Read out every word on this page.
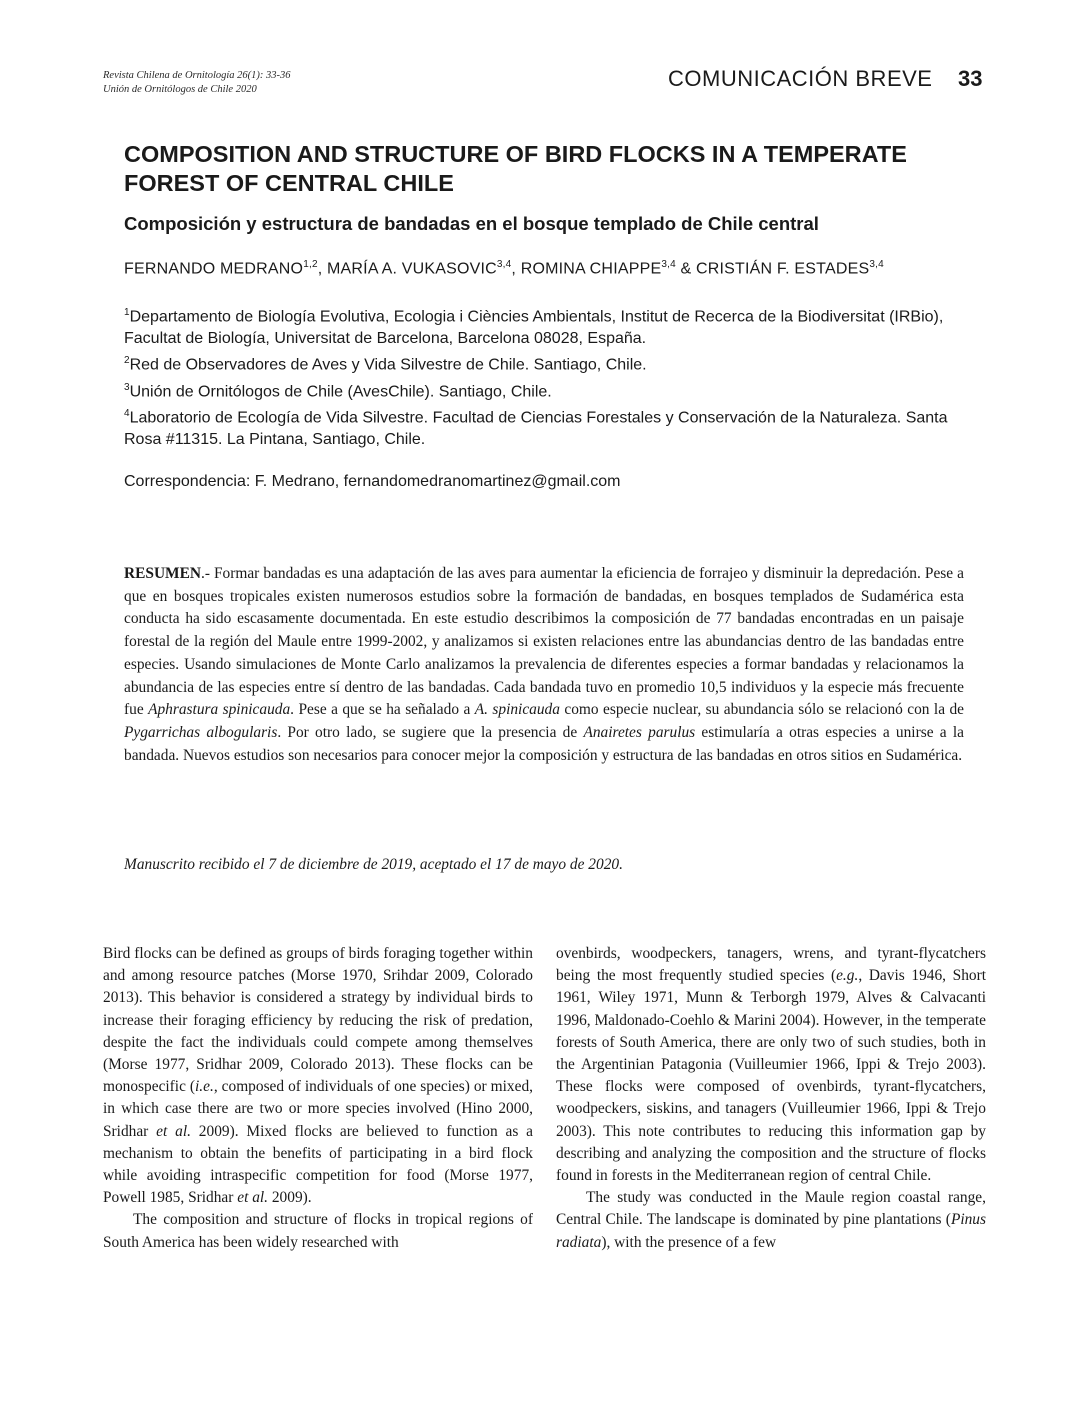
Revista Chilena de Ornitología 26(1): 33-36
Unión de Ornitólogos de Chile 2020	COMUNICACIÓN BREVE 33
COMPOSITION AND STRUCTURE OF BIRD FLOCKS IN A TEMPERATE FOREST OF CENTRAL CHILE
Composición y estructura de bandadas en el bosque templado de Chile central
FERNANDO MEDRANO$^{1,2}$, MARÍA A. VUKASOVIC$^{3,4}$, ROMINA CHIAPPE$^{3,4}$ & CRISTIÁN F. ESTADES$^{3,4}$

$^1$Departamento de Biología Evolutiva, Ecologia i Ciències Ambientals, Institut de Recerca de la Biodiversitat (IRBio), Facultat de Biología, Universitat de Barcelona, Barcelona 08028, España.

$^2$Red de Observadores de Aves y Vida Silvestre de Chile. Santiago, Chile.

$^3$Unión de Ornitólogos de Chile (AvesChile). Santiago, Chile.

$^4$Laboratorio de Ecología de Vida Silvestre. Facultad de Ciencias Forestales y Conservación de la Naturaleza. Santa Rosa #11315. La Pintana, Santiago, Chile.

Correspondencia: F. Medrano, fernandomedranomartinez@gmail.com
RESUMEN.- Formar bandadas es una adaptación de las aves para aumentar la eficiencia de forrajeo y disminuir la depredación. Pese a que en bosques tropicales existen numerosos estudios sobre la formación de bandadas, en bosques templados de Sudamérica esta conducta ha sido escasamente documentada. En este estudio describimos la composición de 77 bandadas encontradas en un paisaje forestal de la región del Maule entre 1999-2002, y analizamos si existen relaciones entre las abundancias dentro de las bandadas entre especies. Usando simulaciones de Monte Carlo analizamos la prevalencia de diferentes especies a formar bandadas y relacionamos la abundancia de las especies entre sí dentro de las bandadas. Cada bandada tuvo en promedio 10,5 individuos y la especie más frecuente fue Aphrastura spinicauda. Pese a que se ha señalado a A. spinicauda como especie nuclear, su abundancia sólo se relacionó con la de Pygarrichas albogularis. Por otro lado, se sugiere que la presencia de Anairetes parulus estimularía a otras especies a unirse a la bandada. Nuevos estudios son necesarios para conocer mejor la composición y estructura de las bandadas en otros sitios en Sudamérica.
Manuscrito recibido el 7 de diciembre de 2019, aceptado el 17 de mayo de 2020.

Bird flocks can be defined as groups of birds foraging together within and among resource patches (Morse 1970, Srihdar 2009, Colorado 2013). This behavior is considered a strategy by individual birds to increase their foraging efficiency by reducing the risk of predation, despite the fact the individuals could compete among themselves (Morse 1977, Sridhar 2009, Colorado 2013). These flocks can be monospecific (i.e., composed of individuals of one species) or mixed, in which case there are two or more species involved (Hino 2000, Sridhar et al. 2009). Mixed flocks are believed to function as a mechanism to obtain the benefits of participating in a bird flock while avoiding intraspecific competition for food (Morse 1977, Powell 1985, Sridhar et al. 2009).

The composition and structure of flocks in tropical regions of South America has been widely researched with

ovenbirds, woodpeckers, tanagers, wrens, and tyrant-flycatchers being the most frequently studied species (e.g., Davis 1946, Short 1961, Wiley 1971, Munn & Terborgh 1979, Alves & Calvacanti 1996, Maldonado-Coehlo & Marini 2004). However, in the temperate forests of South America, there are only two of such studies, both in the Argentinian Patagonia (Vuilleumier 1966, Ippi & Trejo 2003). These flocks were composed of ovenbirds, tyrant-flycatchers, woodpeckers, siskins, and tanagers (Vuilleumier 1966, Ippi & Trejo 2003). This note contributes to reducing this information gap by describing and analyzing the composition and the structure of flocks found in forests in the Mediterranean region of central Chile.

The study was conducted in the Maule region coastal range, Central Chile. The landscape is dominated by pine plantations (Pinus radiata), with the presence of a few
